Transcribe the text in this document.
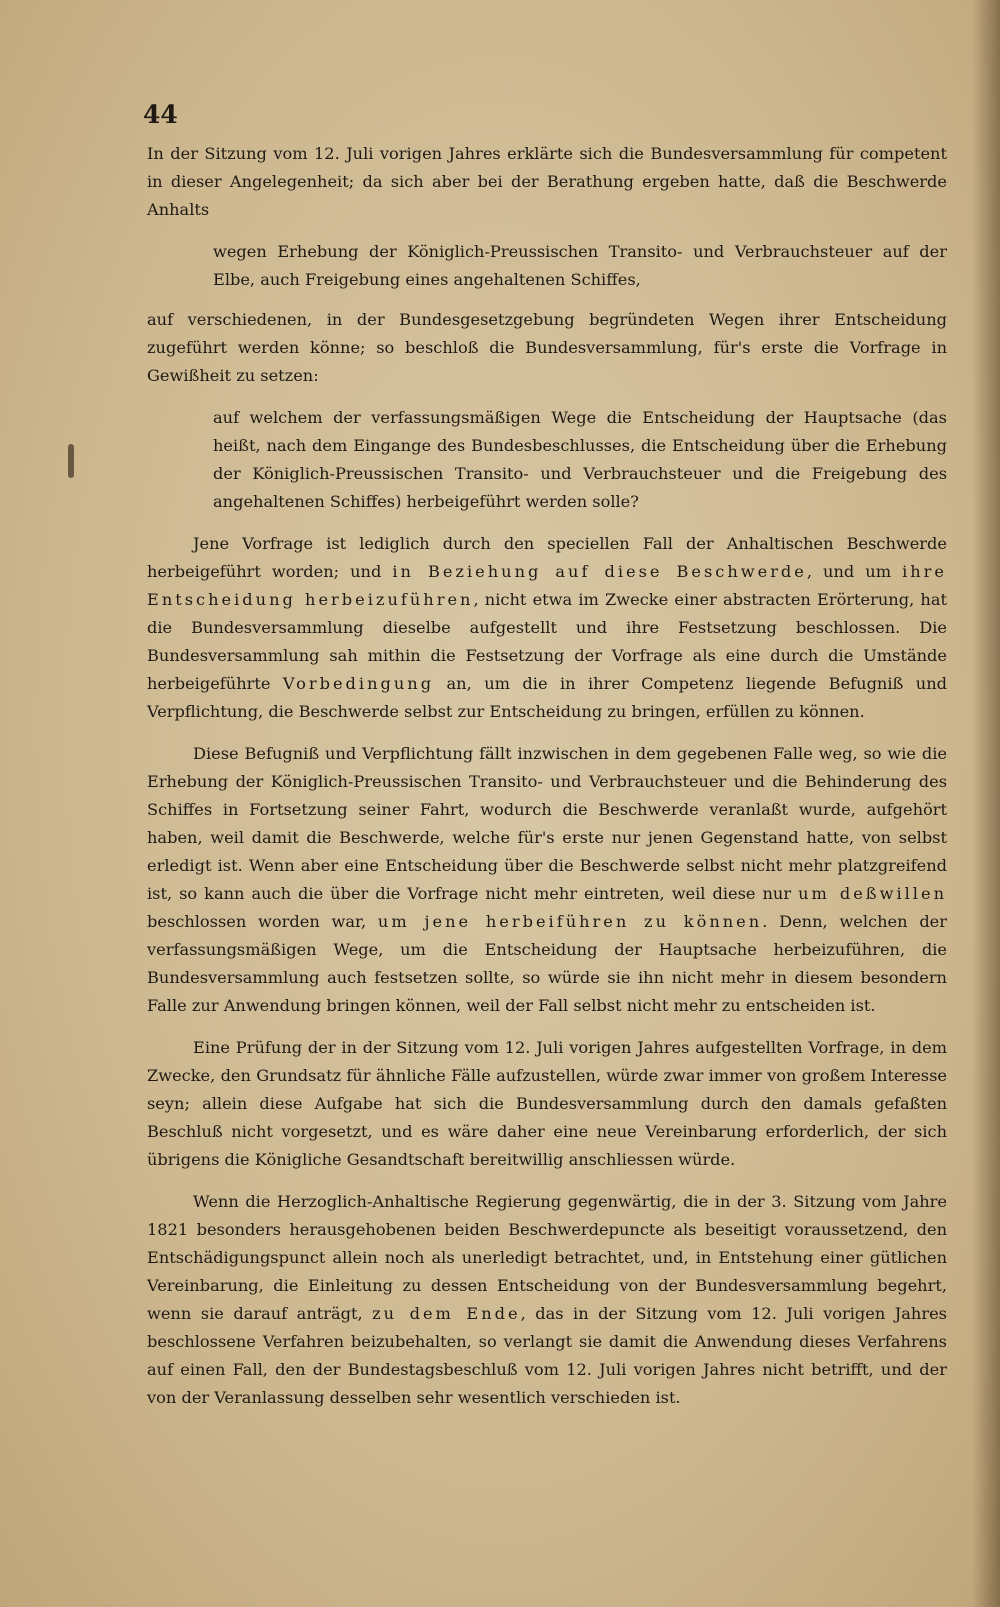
44

In der Sitzung vom 12. Juli vorigen Jahres erklärte sich die Bundesversammlung für competent in dieser Angelegenheit; da sich aber bei der Berathung ergeben hatte, daß die Beschwerde Anhalts

wegen Erhebung der Königlich-Preussischen Transito- und Verbrauchsteuer auf der Elbe, auch Freigebung eines angehaltenen Schiffes,

auf verschiedenen, in der Bundesgesetzgebung begründeten Wegen ihrer Entscheidung zugeführt werden könne; so beschloß die Bundesversammlung, für's erste die Vorfrage in Gewißheit zu setzen:

auf welchem der verfassungsmäßigen Wege die Entscheidung der Hauptsache (das heißt, nach dem Eingange des Bundesbeschlusses, die Entscheidung über die Erhebung der Königlich-Preussischen Transito- und Verbrauchsteuer und die Freigebung des angehaltenen Schiffes) herbeigeführt werden solle?

Jene Vorfrage ist lediglich durch den speciellen Fall der Anhaltischen Beschwerde herbeigeführt worden; und in Beziehung auf diese Beschwerde, und um ihre Entscheidung herbeizuführen, nicht etwa im Zwecke einer abstracten Erörterung, hat die Bundesversammlung dieselbe aufgestellt und ihre Festsetzung beschlossen. Die Bundesversammlung sah mithin die Festsetzung der Vorfrage als eine durch die Umstände herbeigeführte Vorbedingung an, um die in ihrer Competenz liegende Befugniß und Verpflichtung, die Beschwerde selbst zur Entscheidung zu bringen, erfüllen zu können.

Diese Befugniß und Verpflichtung fällt inzwischen in dem gegebenen Falle weg, so wie die Erhebung der Königlich-Preussischen Transito- und Verbrauchsteuer und die Behinderung des Schiffes in Fortsetzung seiner Fahrt, wodurch die Beschwerde veranlaßt wurde, aufgehört haben, weil damit die Beschwerde, welche für's erste nur jenen Gegenstand hatte, von selbst erledigt ist. Wenn aber eine Entscheidung über die Beschwerde selbst nicht mehr platzgreifend ist, so kann auch die über die Vorfrage nicht mehr eintreten, weil diese nur um deßwillen beschlossen worden war, um jene herbeiführen zu können. Denn, welchen der verfassungsmäßigen Wege, um die Entscheidung der Hauptsache herbeizuführen, die Bundesversammlung auch festsetzen sollte, so würde sie ihn nicht mehr in diesem besondern Falle zur Anwendung bringen können, weil der Fall selbst nicht mehr zu entscheiden ist.

Eine Prüfung der in der Sitzung vom 12. Juli vorigen Jahres aufgestellten Vorfrage, in dem Zwecke, den Grundsatz für ähnliche Fälle aufzustellen, würde zwar immer von großem Interesse seyn; allein diese Aufgabe hat sich die Bundesversammlung durch den damals gefaßten Beschluß nicht vorgesetzt, und es wäre daher eine neue Vereinbarung erforderlich, der sich übrigens die Königliche Gesandtschaft bereitwillig anschliessen würde.

Wenn die Herzoglich-Anhaltische Regierung gegenwärtig, die in der 3. Sitzung vom Jahre 1821 besonders herausgehobenen beiden Beschwerdepuncte als beseitigt voraussetzend, den Entschädigungspunct allein noch als unerledigt betrachtet, und, in Entstehung einer gütlichen Vereinbarung, die Einleitung zu dessen Entscheidung von der Bundesversammlung begehrt, wenn sie darauf anträgt, zu dem Ende, das in der Sitzung vom 12. Juli vorigen Jahres beschlossene Verfahren beizubehalten, so verlangt sie damit die Anwendung dieses Verfahrens auf einen Fall, den der Bundestagsbeschluß vom 12. Juli vorigen Jahres nicht betrifft, und der von der Veranlassung desselben sehr wesentlich verschieden ist.
